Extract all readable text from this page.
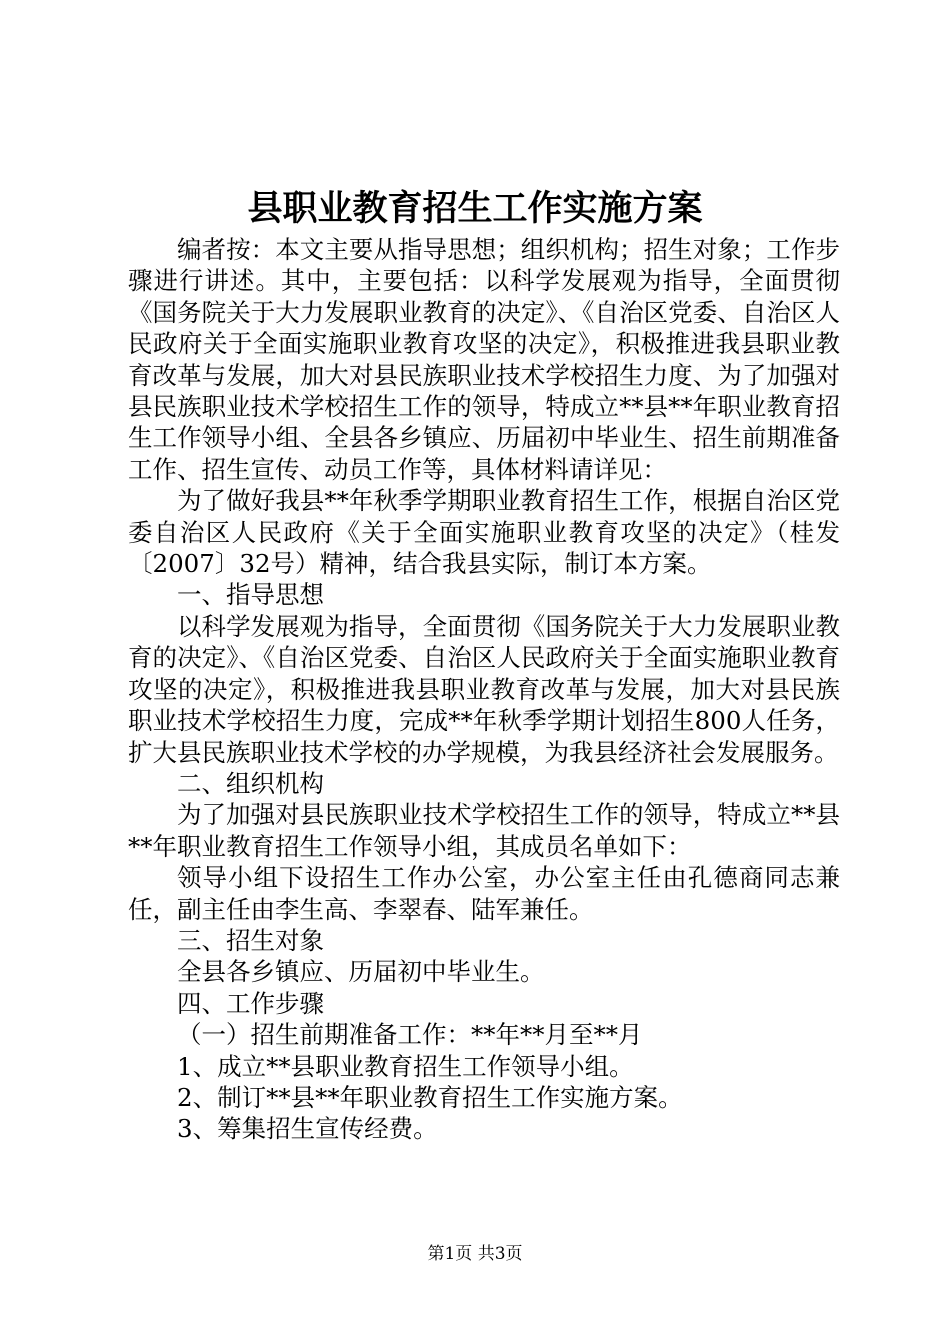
县职业教育招生工作实施方案

编者按：本文主要从指导思想；组织机构；招生对象；工作步骤进行讲述。其中，主要包括：以科学发展观为指导，全面贯彻《国务院关于大力发展职业教育的决定》、《自治区党委、自治区人民政府关于全面实施职业教育攻坚的决定》，积极推进我县职业教育改革与发展，加大对县民族职业技术学校招生力度、为了加强对县民族职业技术学校招生工作的领导，特成立**县**年职业教育招生工作领导小组、全县各乡镇应、历届初中毕业生、招生前期准备工作、招生宣传、动员工作等，具体材料请详见：

为了做好我县**年秋季学期职业教育招生工作，根据自治区党委自治区人民政府《关于全面实施职业教育攻坚的决定》（桂发〔2007〕32号）精神，结合我县实际，制订本方案。

一、指导思想

以科学发展观为指导，全面贯彻《国务院关于大力发展职业教育的决定》、《自治区党委、自治区人民政府关于全面实施职业教育攻坚的决定》，积极推进我县职业教育改革与发展，加大对县民族职业技术学校招生力度，完成**年秋季学期计划招生800人任务，扩大县民族职业技术学校的办学规模，为我县经济社会发展服务。

二、组织机构

为了加强对县民族职业技术学校招生工作的领导，特成立**县**年职业教育招生工作领导小组，其成员名单如下：

领导小组下设招生工作办公室，办公室主任由孔德商同志兼任，副主任由李生高、李翠春、陆军兼任。

三、招生对象

全县各乡镇应、历届初中毕业生。

四、工作步骤

（一）招生前期准备工作：**年**月至**月

1、成立**县职业教育招生工作领导小组。

2、制订**县**年职业教育招生工作实施方案。

3、筹集招生宣传经费。

第1页 共3页
